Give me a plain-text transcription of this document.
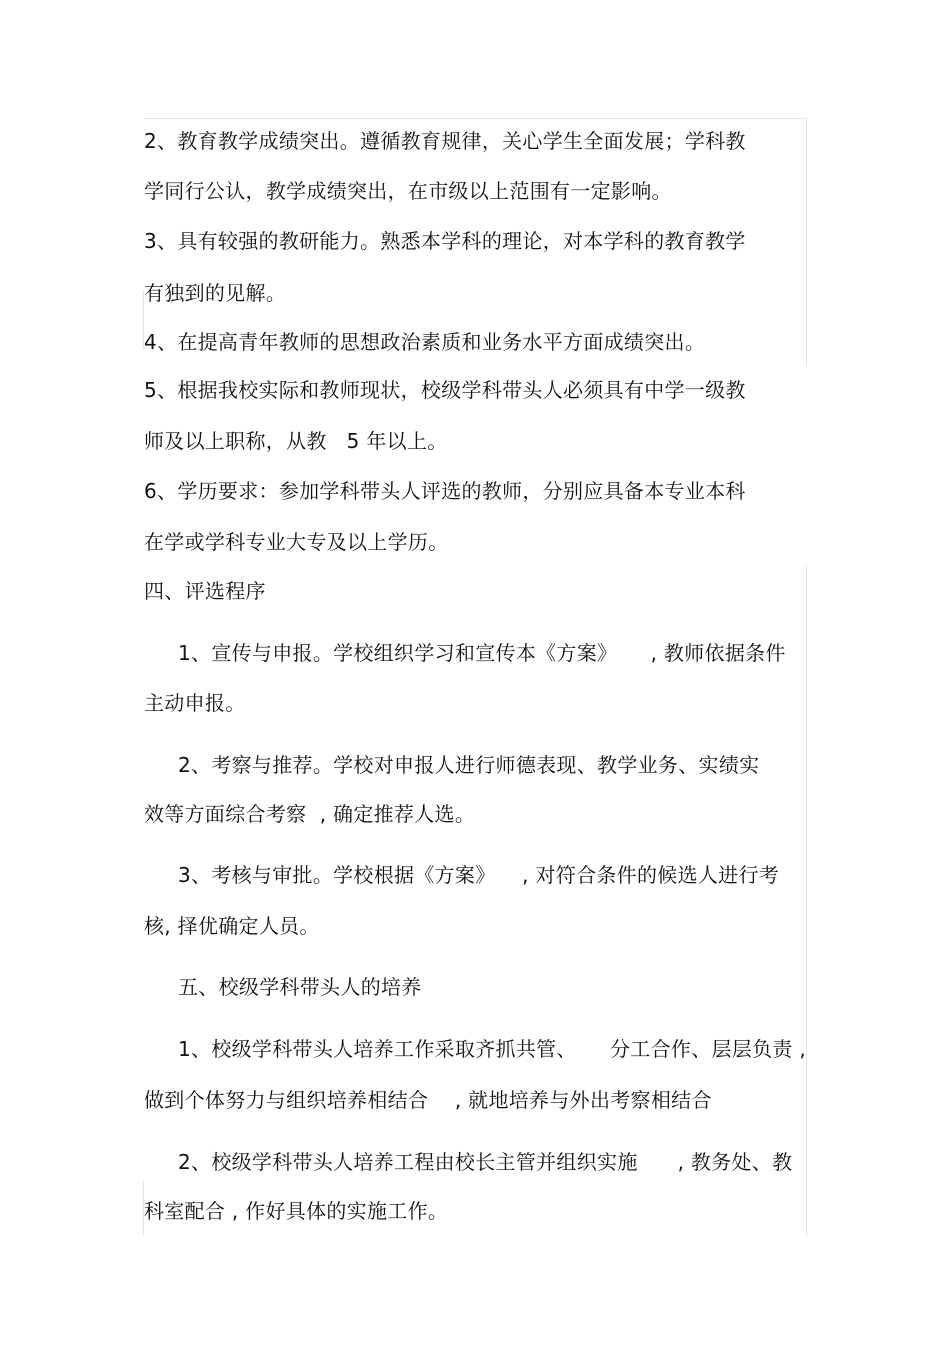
2、教育教学成绩突出。遵循教育规律，关心学生全面发展；学科教
学同行公认，教学成绩突出，在市级以上范围有一定影响。
3、具有较强的教研能力。熟悉本学科的理论，对本学科的教育教学
有独到的见解。
4、在提高青年教师的思想政治素质和业务水平方面成绩突出。
5、根据我校实际和教师现状，校级学科带头人必须具有中学一级教
师及以上职称，从教   5 年以上。
6、学历要求：参加学科带头人评选的教师，分别应具备本专业本科
在学或学科专业大专及以上学历。
四、评选程序
1、宣传与申报。学校组织学习和宣传本《方案》     , 教师依据条件
主动申报。
2、考察与推荐。学校对申报人进行师德表现、教学业务、实绩实
效等方面综合考察  , 确定推荐人选。
3、考核与审批。学校根据《方案》    , 对符合条件的候选人进行考
核, 择优确定人员。
五、校级学科带头人的培养
1、校级学科带头人培养工作采取齐抓共管、     分工合作、层层负责 ,
做到个体努力与组织培养相结合    , 就地培养与外出考察相结合
2、校级学科带头人培养工程由校长主管并组织实施      , 教务处、教
科室配合 , 作好具体的实施工作。
